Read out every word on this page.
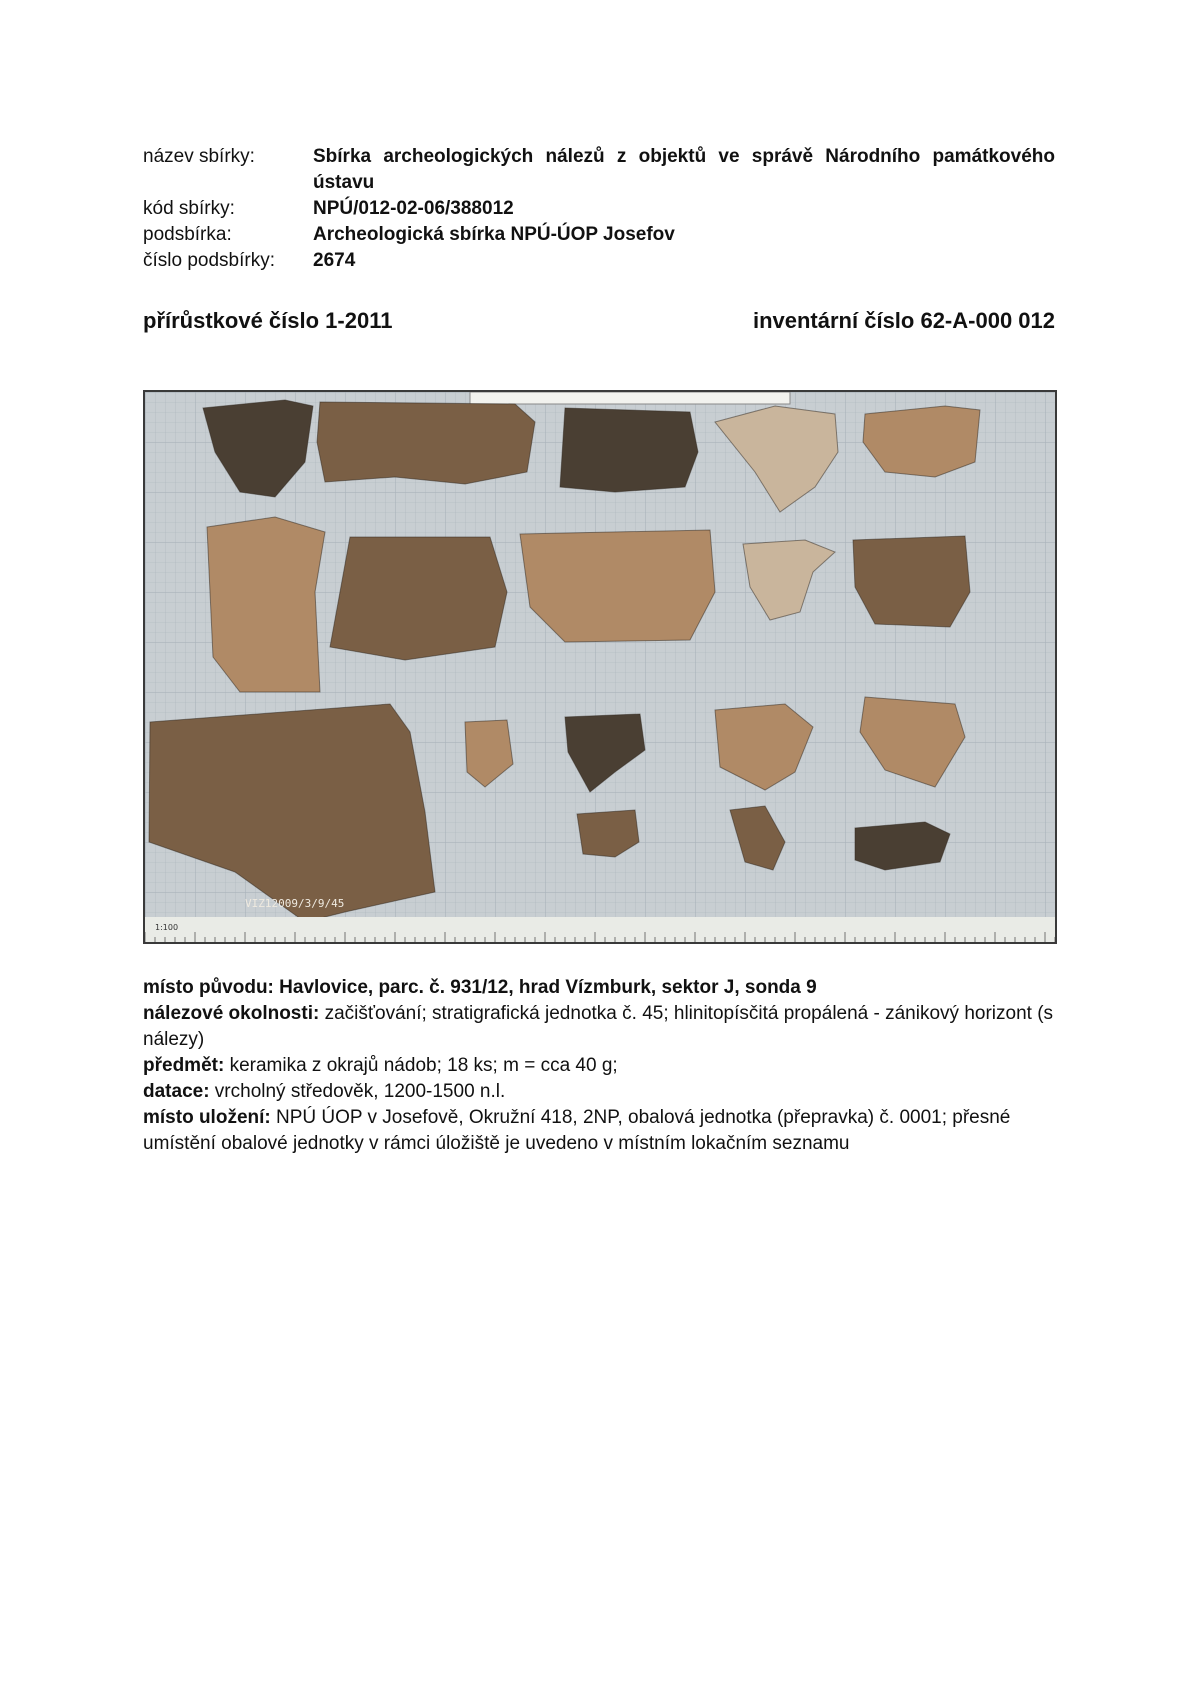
název sbírky:	Sbírka archeologických nálezů z objektů ve správě Národního památkového ústavu
kód sbírky:	NPÚ/012-02-06/388012
podsbírka:	Archeologická sbírka NPÚ-ÚOP Josefov
číslo podsbírky:	2674
přírůstkové číslo 1-2011	inventární číslo 62-A-000 012
VIZ12009/3/9/45
1:100

místo původu: Havlovice, parc. č. 931/12, hrad Vízmburk, sektor J, sonda 9

nálezové okolnosti: začišťování; stratigrafická jednotka č. 45; hlinitopísčitá propálená - zánikový horizont (s nálezy)

předmět: keramika z okrajů nádob; 18 ks; m = cca 40 g;

datace: vrcholný středověk, 1200-1500 n.l.

místo uložení: NPÚ ÚOP v Josefově, Okružní 418, 2NP, obalová jednotka (přepravka) č. 0001; přesné umístění obalové jednotky v rámci úložiště je uvedeno v místním lokačním seznamu
